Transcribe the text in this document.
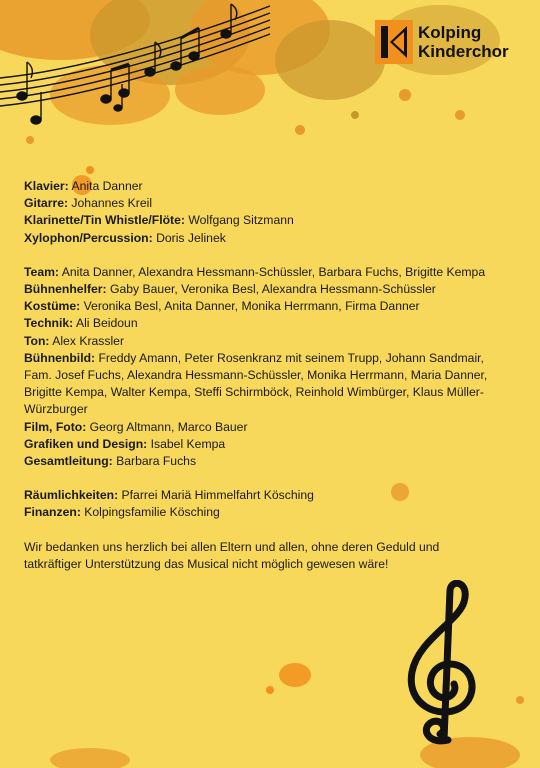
Kolping
Kinderchor

Klavier: Anita Danner

Gitarre: Johannes Kreil

Klarinette/Tin Whistle/Flöte: Wolfgang Sitzmann

Xylophon/Percussion: Doris Jelinek

Team: Anita Danner, Alexandra Hessmann-Schüssler, Barbara Fuchs, Brigitte Kempa

Bühnenhelfer: Gaby Bauer, Veronika Besl, Alexandra Hessmann-Schüssler

Kostüme: Veronika Besl, Anita Danner, Monika Herrmann, Firma Danner

Technik: Ali Beidoun

Ton: Alex Krassler

Bühnenbild: Freddy Amann, Peter Rosenkranz mit seinem Trupp, Johann Sandmair,

Fam. Josef Fuchs, Alexandra Hessmann-Schüssler, Monika Herrmann, Maria Danner,

Brigitte Kempa, Walter Kempa, Steffi Schirmböck, Reinhold Wimbürger, Klaus Müller-

Würzburger

Film, Foto: Georg Altmann, Marco Bauer

Grafiken und Design: Isabel Kempa

Gesamtleitung: Barbara Fuchs

Räumlichkeiten: Pfarrei Mariä Himmelfahrt Kösching

Finanzen: Kolpingsfamilie Kösching

Wir bedanken uns herzlich bei allen Eltern und allen, ohne deren Geduld und

tatkräftiger Unterstützung das Musical nicht möglich gewesen wäre!
